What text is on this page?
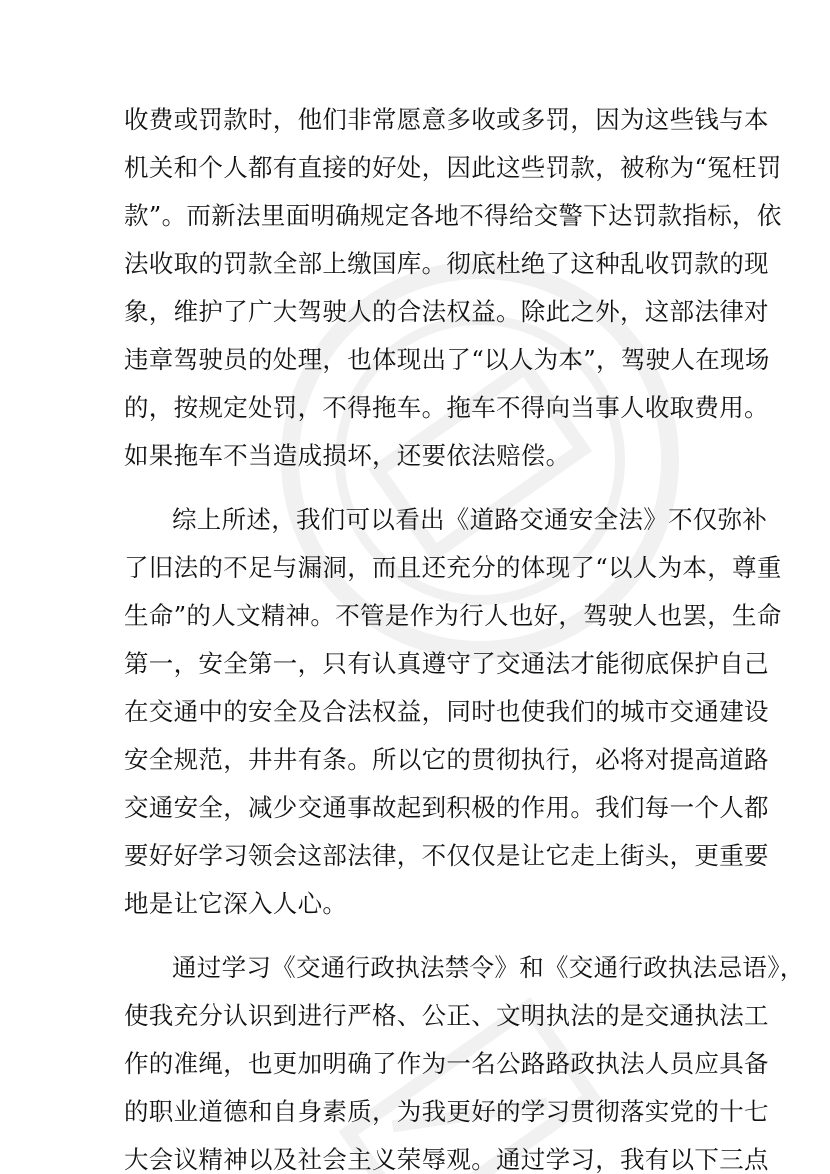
收费或罚款时，他们非常愿意多收或多罚，因为这些钱与本
机关和个人都有直接的好处，因此这些罚款，被称为“冤枉罚
款”。而新法里面明确规定各地不得给交警下达罚款指标，依
法收取的罚款全部上缴国库。彻底杜绝了这种乱收罚款的现
象，维护了广大驾驶人的合法权益。除此之外，这部法律对
违章驾驶员的处理，也体现出了“以人为本”，驾驶人在现场
的，按规定处罚，不得拖车。拖车不得向当事人收取费用。
如果拖车不当造成损坏，还要依法赔偿。
综上所述，我们可以看出《道路交通安全法》不仅弥补
了旧法的不足与漏洞，而且还充分的体现了“以人为本，尊重
生命”的人文精神。不管是作为行人也好，驾驶人也罢，生命
第一，安全第一，只有认真遵守了交通法才能彻底保护自己
在交通中的安全及合法权益，同时也使我们的城市交通建设
安全规范，井井有条。所以它的贯彻执行，必将对提高道路
交通安全，减少交通事故起到积极的作用。我们每一个人都
要好好学习领会这部法律，不仅仅是让它走上街头，更重要
地是让它深入人心。
通过学习《交通行政执法禁令》和《交通行政执法忌语》，
使我充分认识到进行严格、公正、文明执法的是交通执法工
作的准绳，也更加明确了作为一名公路路政执法人员应具备
的职业道德和自身素质，为我更好的学习贯彻落实党的十七
大会议精神以及社会主义荣辱观。通过学习，我有以下三点
